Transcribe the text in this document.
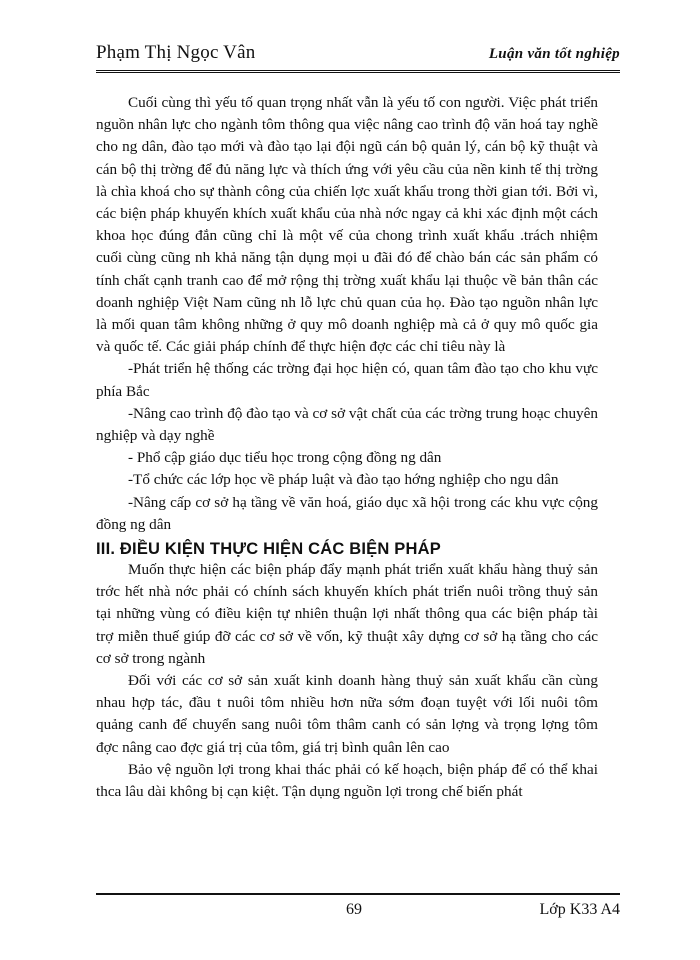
Phạm Thị Ngọc Vân	Luận văn tốt nghiệp

Cuối cùng thì yếu tố quan trọng nhất vẫn là yếu tố con người. Việc phát triển nguồn nhân lực cho ngành tôm thông qua việc nâng cao trình độ văn hoá tay nghề cho ng dân, đào tạo mới và đào tạo lại đội ngũ cán bộ quản lý, cán bộ kỹ thuật và cán bộ thị trờng để đủ năng lực và thích ứng với yêu cầu của nền kinh tế thị trờng là chìa khoá cho sự thành công của chiến lợc xuất khẩu trong thời gian tới. Bởi vì, các biện pháp khuyến khích xuất khẩu của nhà nớc ngay cả khi xác định một cách khoa học đúng đắn cũng chỉ là một vế của chong trình xuất khẩu .trách nhiệm cuối cùng cũng nh khả năng tận dụng mọi u đãi đó để chào bán các sản phẩm có tính chất cạnh tranh cao để mở rộng thị trờng xuất khẩu lại thuộc về bản thân các doanh nghiệp Việt Nam cũng nh lỗ lực chủ quan của họ. Đào tạo nguồn nhân lực là mối quan tâm không những ở quy mô doanh nghiệp mà cả ở quy mô quốc gia và quốc tế. Các giải pháp chính để thực hiện đợc các chỉ tiêu này là

-Phát triển hệ thống các trờng đại học hiện có, quan tâm đào tạo cho khu vực phía Bắc

-Nâng cao trình độ đào tạo và cơ sở vật chất của các trờng trung hoạc chuyên nghiệp và dạy nghề

- Phổ cập giáo dục tiểu học trong cộng đồng ng dân

-Tổ chức các lớp học về pháp luật và đào tạo hớng nghiệp cho ngu dân

-Nâng cấp cơ sở hạ tầng về văn hoá, giáo dục xã hội trong các khu vực cộng đồng ng dân

III. ĐIỀU KIỆN THỰC HIỆN CÁC BIỆN PHÁP

Muốn thực hiện các biện pháp đẩy mạnh phát triển xuất khẩu hàng thuỷ sản trớc hết nhà nớc phải có chính sách khuyến khích phát triển nuôi trồng thuỷ sản tại những vùng có điều kiện tự nhiên thuận lợi nhất thông qua các biện pháp tài trợ miễn thuế giúp đỡ các cơ sở về vốn, kỹ thuật xây dựng cơ sở hạ tầng cho các cơ sở trong ngành

Đối với các cơ sở sản xuất kinh doanh hàng thuỷ sản xuất khẩu cần cùng nhau hợp tác, đầu t nuôi tôm nhiều hơn nữa sớm đoạn tuyệt với lối nuôi tôm quảng canh để chuyển sang nuôi tôm thâm canh có sản lợng và trọng lợng tôm đợc nâng cao đợc giá trị của tôm, giá trị bình quân lên cao

Bảo vệ nguồn lợi trong khai thác phải có kế hoạch, biện pháp để có thể khai thca lâu dài không bị cạn kiệt. Tận dụng nguồn lợi trong chế biến phát

69	Lớp K33 A4
